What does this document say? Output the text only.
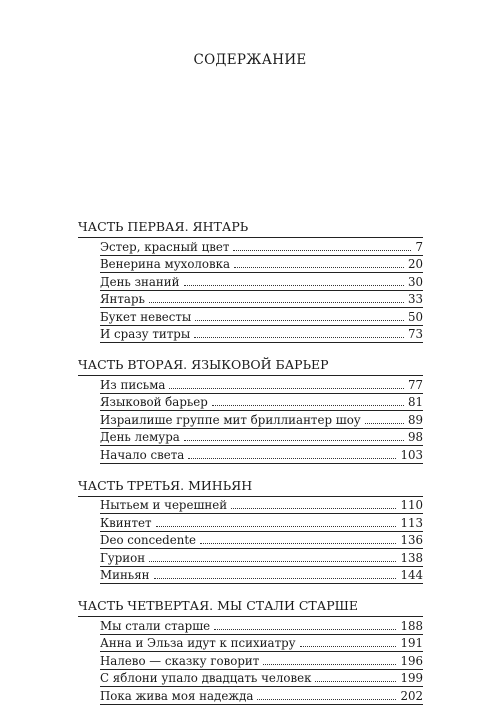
СОДЕРЖАНИЕ
ЧАСТЬ ПЕРВАЯ. ЯНТАРЬ
Эстер, красный цвет	7
Венерина мухоловка	20
День знаний	30
Янтарь	33
Букет невесты	50
И сразу титры	73
ЧАСТЬ ВТОРАЯ. ЯЗЫКОВОЙ БАРЬЕР
Из письма	77
Языковой барьер	81
Израилише группе мит бриллиантер шоу	89
День лемура	98
Начало света	103
ЧАСТЬ ТРЕТЬЯ. МИНЬЯН
Нытьем и черешней	110
Квинтет	113
Deo concedente	136
Гурион	138
Миньян	144
ЧАСТЬ ЧЕТВЕРТАЯ. МЫ СТАЛИ СТАРШЕ
Мы стали старше	188
Анна и Эльза идут к психиатру	191
Налево — сказку говорит	196
С яблони упало двадцать человек	199
Пока жива моя надежда	202
